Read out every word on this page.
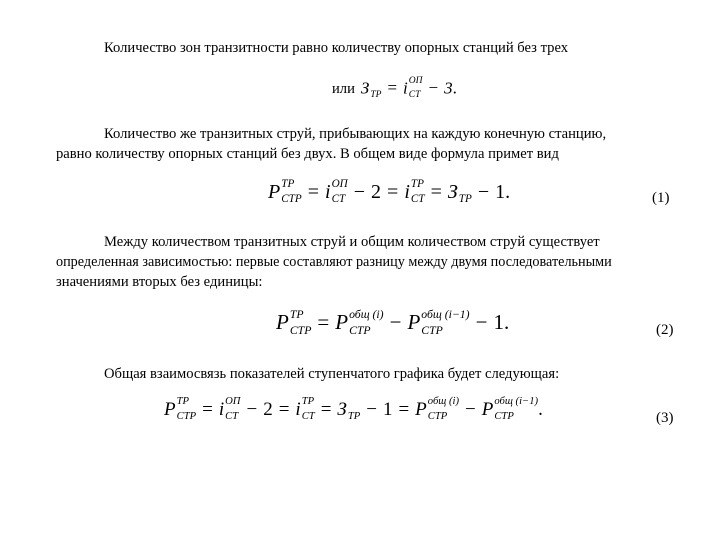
Количество зон транзитности равно количеству опорных станций без трех
или З
ТР = i ОП
СТ − 3.
Количество же транзитных струй, прибывающих на каждую конечную станцию,
равно количеству опорных станций без двух. В общем виде формула примет вид
P ТР
СТР = i ОП
СТ − 2 = i ТР
СТ = З
ТР − 1.	(1)
Между количеством транзитных струй и общим количеством струй существует
определенная зависимостью: первые составляют разницу между двумя последовательными
значениями вторых без единицы:
P ТР
СТР = P общ (i)
СТР − P общ (i−1)
СТР	− 1.	(2)
Общая взаимосвязь показателей ступенчатого графика будет следующая:
P ТР
СТР = i ОП
СТ − 2 = i ТР
СТ = З
ТР − 1 = P общ (i)
СТР − P общ (i−1)
СТР	.	(3)
